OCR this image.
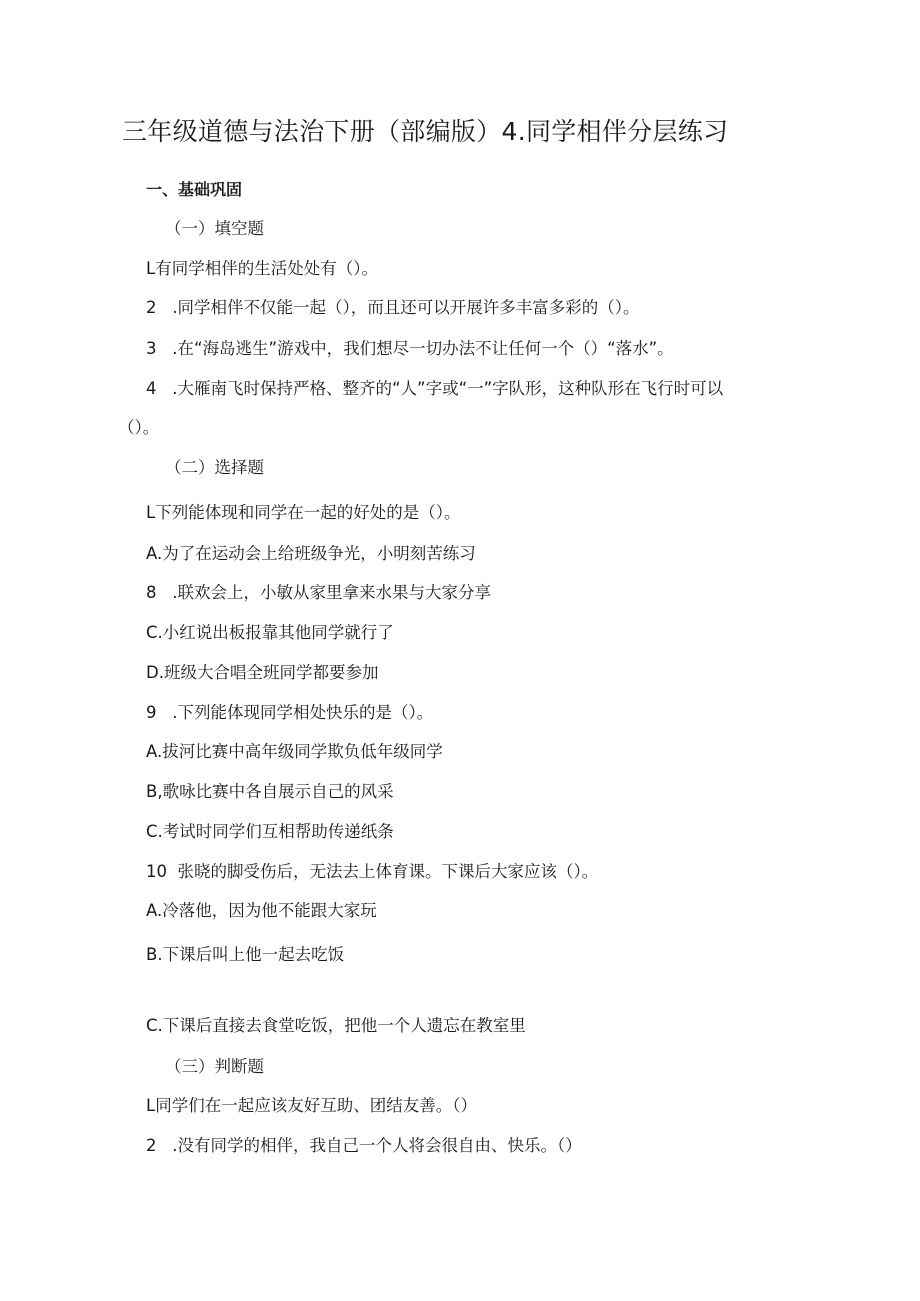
三年级道德与法治下册（部编版）4.同学相伴分层练习
一、基础巩固
（一）填空题
L有同学相伴的生活处处有（）。
2   .同学相伴不仅能一起（），而且还可以开展许多丰富多彩的（）。
3   .在“海岛逃生”游戏中，我们想尽一切办法不让任何一个（）“落水”。
4   .大雁南飞时保持严格、整齐的“人”字或“一”字队形，这种队形在飞行时可以
（）。
（二）选择题
L下列能体现和同学在一起的好处的是（）。
A.为了在运动会上给班级争光，小明刻苦练习
8   .联欢会上，小敏从家里拿来水果与大家分享
C.小红说出板报靠其他同学就行了
D.班级大合唱全班同学都要参加
9   .下列能体现同学相处快乐的是（）。
A.拔河比赛中高年级同学欺负低年级同学
B,歌咏比赛中各自展示自己的风采
C.考试时同学们互相帮助传递纸条
10  张晓的脚受伤后，无法去上体育课。下课后大家应该（）。
A.冷落他，因为他不能跟大家玩
B.下课后叫上他一起去吃饭
C.下课后直接去食堂吃饭，把他一个人遗忘在教室里
（三）判断题
L同学们在一起应该友好互助、团结友善。（）
2   .没有同学的相伴，我自己一个人将会很自由、快乐。（）
